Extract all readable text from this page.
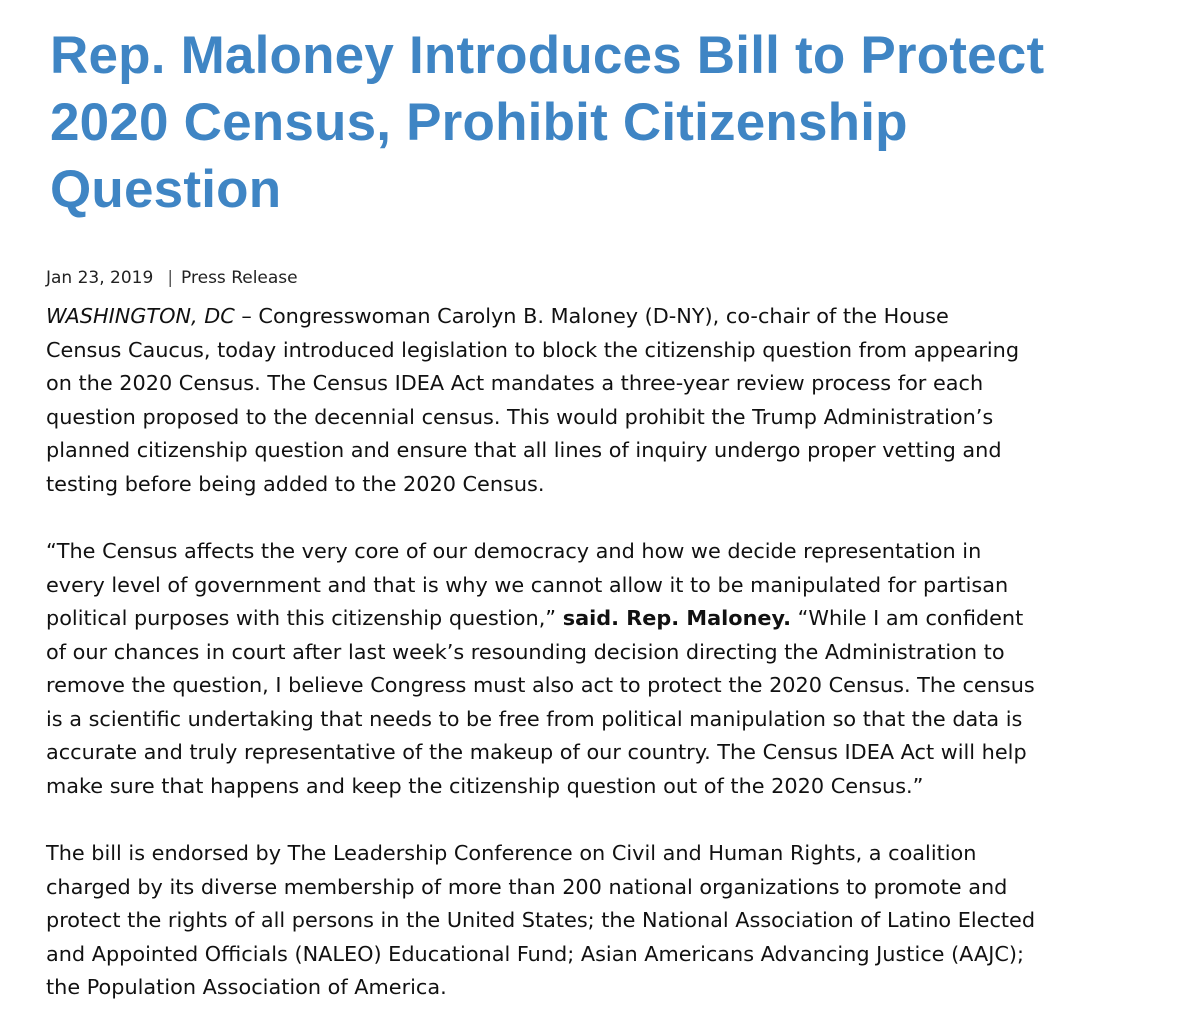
Rep. Maloney Introduces Bill to Protect
2020 Census, Prohibit Citizenship
Question
Jan 23, 2019 | Press Release

WASHINGTON, DC – Congresswoman Carolyn B. Maloney (D-NY), co-chair of the House
Census Caucus, today introduced legislation to block the citizenship question from appearing
on the 2020 Census. The Census IDEA Act mandates a three-year review process for each
question proposed to the decennial census. This would prohibit the Trump Administration’s
planned citizenship question and ensure that all lines of inquiry undergo proper vetting and
testing before being added to the 2020 Census.

“The Census affects the very core of our democracy and how we decide representation in
every level of government and that is why we cannot allow it to be manipulated for partisan
political purposes with this citizenship question,” said. Rep. Maloney. “While I am confident
of our chances in court after last week’s resounding decision directing the Administration to
remove the question, I believe Congress must also act to protect the 2020 Census. The census
is a scientific undertaking that needs to be free from political manipulation so that the data is
accurate and truly representative of the makeup of our country. The Census IDEA Act will help
make sure that happens and keep the citizenship question out of the 2020 Census.”

The bill is endorsed by The Leadership Conference on Civil and Human Rights, a coalition
charged by its diverse membership of more than 200 national organizations to promote and
protect the rights of all persons in the United States; the National Association of Latino Elected
and Appointed Officials (NALEO) Educational Fund; Asian Americans Advancing Justice (AAJC);
the Population Association of America.
